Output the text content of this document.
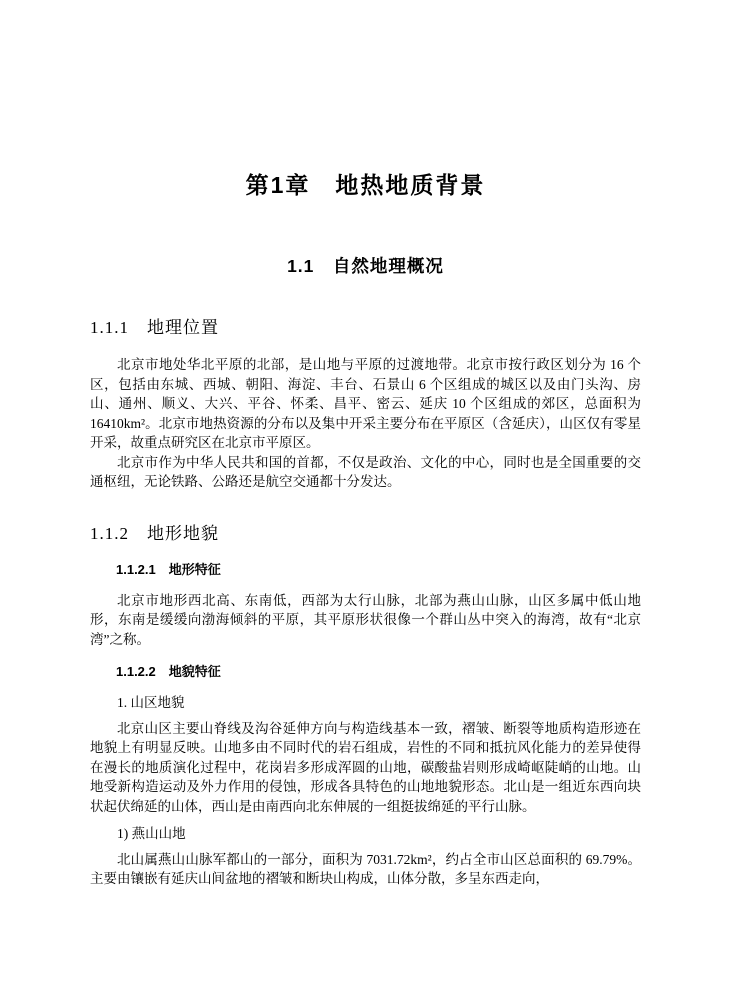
第1章　地热地质背景
1.1　自然地理概况
1.1.1　地理位置

北京市地处华北平原的北部，是山地与平原的过渡地带。北京市按行政区划分为 16 个区，包括由东城、西城、朝阳、海淀、丰台、石景山 6 个区组成的城区以及由门头沟、房山、通州、顺义、大兴、平谷、怀柔、昌平、密云、延庆 10 个区组成的郊区，总面积为 16410km²。北京市地热资源的分布以及集中开采主要分布在平原区（含延庆），山区仅有零星开采，故重点研究区在北京市平原区。

北京市作为中华人民共和国的首都，不仅是政治、文化的中心，同时也是全国重要的交通枢纽，无论铁路、公路还是航空交通都十分发达。

1.1.2　地形地貌
1.1.2.1　地形特征

北京市地形西北高、东南低，西部为太行山脉，北部为燕山山脉，山区多属中低山地形，东南是缓缓向渤海倾斜的平原，其平原形状很像一个群山丛中突入的海湾，故有“北京湾”之称。

1.1.2.2　地貌特征

1. 山区地貌

北京山区主要山脊线及沟谷延伸方向与构造线基本一致，褶皱、断裂等地质构造形迹在地貌上有明显反映。山地多由不同时代的岩石组成，岩性的不同和抵抗风化能力的差异使得在漫长的地质演化过程中，花岗岩多形成浑圆的山地，碳酸盐岩则形成崎岖陡峭的山地。山地受新构造运动及外力作用的侵蚀，形成各具特色的山地地貌形态。北山是一组近东西向块状起伏绵延的山体，西山是由南西向北东伸展的一组挺拔绵延的平行山脉。

1) 燕山山地

北山属燕山山脉军都山的一部分，面积为 7031.72km²，约占全市山区总面积的 69.79%。主要由镶嵌有延庆山间盆地的褶皱和断块山构成，山体分散，多呈东西走向，
